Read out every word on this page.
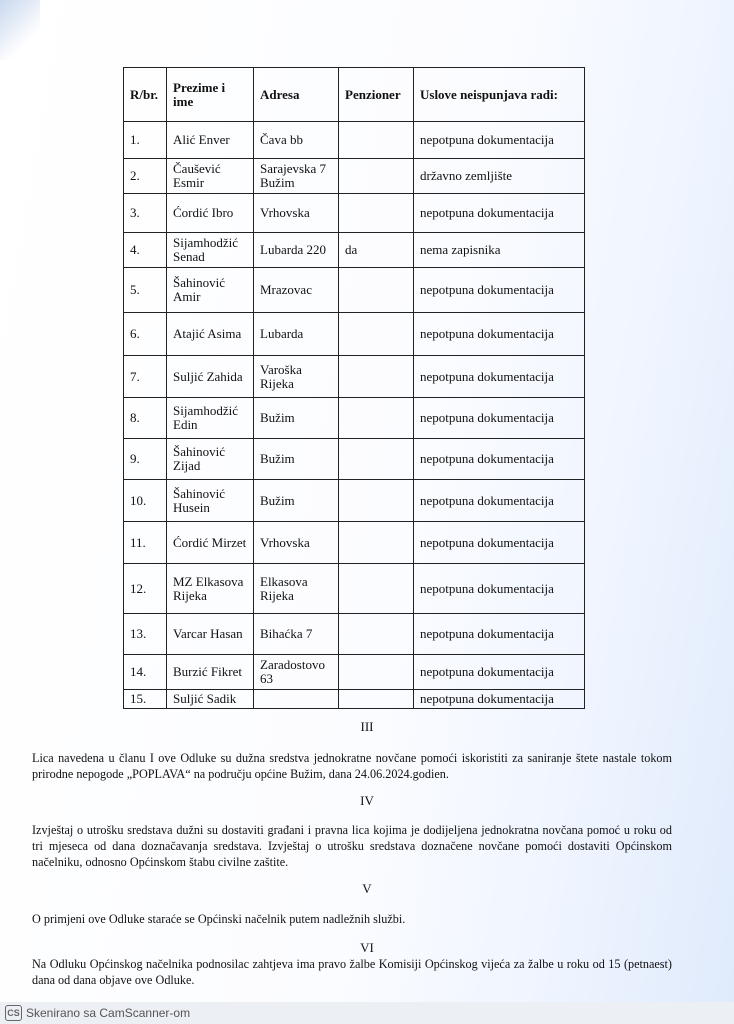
R/br.	Prezime i ime	Adresa	Penzioner	Uslove neispunjava radi:
1.	Alić Enver	Čava bb		nepotpuna dokumentacija
2.	Čaušević Esmir	Sarajevska 7 Bužim		državno zemljište
3.	Ćordić Ibro	Vrhovska		nepotpuna dokumentacija
4.	Sijamhodžić Senad	Lubarda 220	da	nema zapisnika
5.	Šahinović Amir	Mrazovac		nepotpuna dokumentacija
6.	Atajić Asima	Lubarda		nepotpuna dokumentacija
7.	Suljić Zahida	Varoška Rijeka		nepotpuna dokumentacija
8.	Sijamhodžić Edin	Bužim		nepotpuna dokumentacija
9.	Šahinović Zijad	Bužim		nepotpuna dokumentacija
10.	Šahinović Husein	Bužim		nepotpuna dokumentacija
11.	Ćordić Mirzet	Vrhovska		nepotpuna dokumentacija
12.	MZ Elkasova Rijeka	Elkasova Rijeka		nepotpuna dokumentacija
13.	Varcar Hasan	Bihaćka 7		nepotpuna dokumentacija
14.	Burzić Fikret	Zaradostovo 63		nepotpuna dokumentacija
15.	Suljić Sadik			nepotpuna dokumentacija
III
Lica navedena u članu I ove Odluke su dužna sredstva jednokratne novčane pomoći iskoristiti za saniranje štete nastale tokom prirodne nepogode „POPLAVA“ na području općine Bužim, dana 24.06.2024.godien.
IV
Izvještaj o utrošku sredstava dužni su dostaviti građani i pravna lica kojima je dodijeljena jednokratna novčana pomoć u roku od tri mjeseca od dana doznačavanja sredstava. Izvještaj o utrošku sredstava doznačene novčane pomoći dostaviti Općinskom načelniku, odnosno Općinskom štabu civilne zaštite.
V
O primjeni ove Odluke staraće se Općinski načelnik putem nadležnih službi.
VI
Na Odluku Općinskog načelnika podnosilac zahtjeva ima pravo žalbe Komisiji Općinskog vijeća za žalbe u roku od 15 (petnaest) dana od dana objave ove Odluke.
CS Skenirano sa CamScanner-om
